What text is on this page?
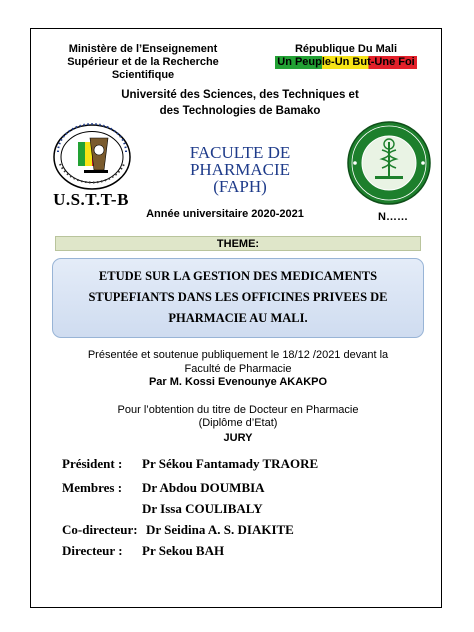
Ministère de l’Enseignement
Supérieur et de la Recherche
Scientifique
République Du Mali
Un Peuple-Un But-Une Foi
Université des Sciences, des Techniques et
des Technologies de Bamako
U.S.T.T-B
FACULTE DE PHARMACIE
(FAPH)
Année universitaire 2020-2021	N……
THEME:
ETUDE SUR LA GESTION DES MEDICAMENTS
STUPEFIANTS DANS LES OFFICINES PRIVEES DE
PHARMACIE AU MALI.
Présentée et soutenue publiquement le 18/12 /2021 devant la
Faculté de Pharmacie
Par M. Kossi Evenounye AKAKPO
Pour l’obtention du titre de Docteur en Pharmacie
(Diplôme d’Etat)
JURY
Président : Pr Sékou Fantamady TRAORE
Membres : Dr Abdou DOUMBIA
Dr Issa COULIBALY
Co-directeur: Dr Seidina A. S. DIAKITE
Directeur : Pr Sekou BAH
